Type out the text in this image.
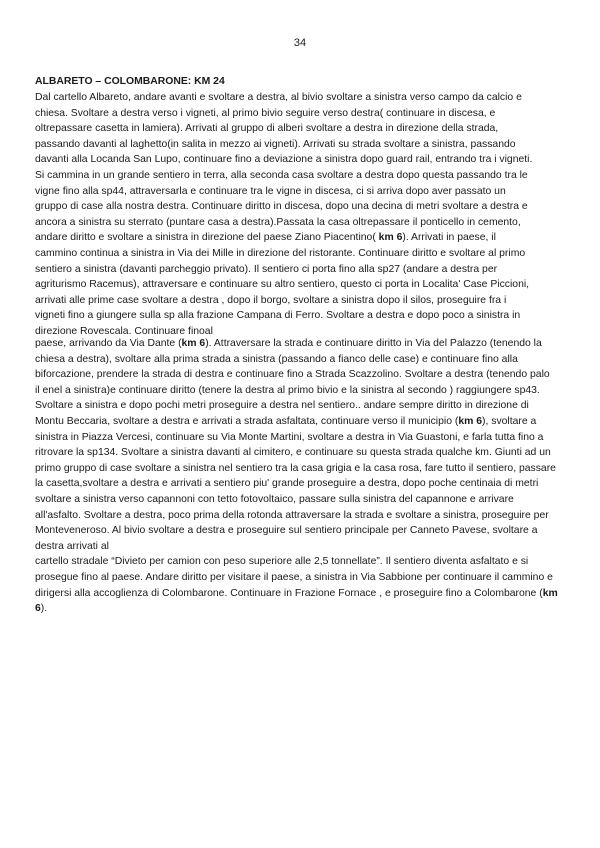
34
ALBARETO – COLOMBARONE: KM 24

Dal cartello Albareto, andare avanti e svoltare a destra, al bivio svoltare a sinistra verso campo da calcio e
chiesa. Svoltare a destra verso i vigneti, al primo bivio seguire verso destra( continuare in discesa, e
oltrepassare casetta in lamiera). Arrivati al gruppo di alberi svoltare a destra in direzione della strada,
passando davanti al laghetto(in salita in mezzo ai vigneti). Arrivati su strada svoltare a sinistra, passando
davanti alla Locanda San Lupo, continuare fino a deviazione a sinistra dopo guard rail, entrando tra i vigneti.
Si cammina in un grande sentiero in terra, alla seconda casa svoltare a destra dopo questa passando tra le
vigne fino alla sp44, attraversarla e continuare tra le vigne in discesa, ci si arriva dopo aver passato un
gruppo di case alla nostra destra. Continuare diritto in discesa, dopo una decina di metri svoltare a destra e
ancora a sinistra su sterrato (puntare casa a destra).Passata la casa oltrepassare il ponticello in cemento,
andare diritto e svoltare a sinistra in direzione del paese Ziano Piacentino( km 6). Arrivati in paese, il
cammino continua a sinistra in Via dei Mille in direzione del ristorante. Continuare diritto e svoltare al primo
sentiero a sinistra (davanti parcheggio privato). Il sentiero ci porta fino alla sp27 (andare a destra per
agriturismo Racemus), attraversare e continuare su altro sentiero, questo ci porta in Localita' Case Piccioni,
arrivati alle prime case svoltare a destra , dopo il borgo, svoltare a sinistra dopo il silos, proseguire fra i
vigneti fino a giungere sulla sp alla frazione Campana di Ferro. Svoltare a destra e dopo poco a sinistra in
direzione Rovescala. Continuare finoal

paese, arrivando da Via Dante (km 6). Attraversare la strada e continuare diritto in Via del Palazzo (tenendo la
chiesa a destra), svoltare alla prima strada a sinistra (passando a fianco delle case) e continuare fino alla
biforcazione, prendere la strada di destra e continuare fino a Strada Scazzolino. Svoltare a destra (tenendo palo
il enel a sinistra)e continuare diritto (tenere la destra al primo bivio e la sinistra al secondo ) raggiungere sp43.
Svoltare a sinistra e dopo pochi metri proseguire a destra nel sentiero.. andare sempre diritto in direzione di
Montu Beccaria, svoltare a destra e arrivati a strada asfaltata, continuare verso il municipio (km 6), svoltare a
sinistra in Piazza Vercesi, continuare su Via Monte Martini, svoltare a destra in Via Guastoni, e farla tutta fino a
ritrovare la sp134. Svoltare a sinistra davanti al cimitero, e continuare su questa strada qualche km. Giunti ad un
primo gruppo di case svoltare a sinistra nel sentiero tra la casa grigia e la casa rosa, fare tutto il sentiero, passare
la casetta,svoltare a destra e arrivati a sentiero piu' grande proseguire a destra, dopo poche centinaia di metri
svoltare a sinistra verso capannoni con tetto fotovoltaico, passare sulla sinistra del capannone e arrivare
all'asfalto. Svoltare a destra, poco prima della rotonda attraversare la strada e svoltare a sinistra, proseguire per
Monteveneroso. Al bivio svoltare a destra e proseguire sul sentiero principale per Canneto Pavese, svoltare a
destra arrivati al
cartello stradale “Divieto per camion con peso superiore alle 2,5 tonnellate”. Il sentiero diventa asfaltato e si
prosegue fino al paese. Andare diritto per visitare il paese, a sinistra in Via Sabbione per continuare il cammino e
dirigersi alla accoglienza di Colombarone. Continuare in Frazione Fornace , e proseguire fino a Colombarone (km
6).
